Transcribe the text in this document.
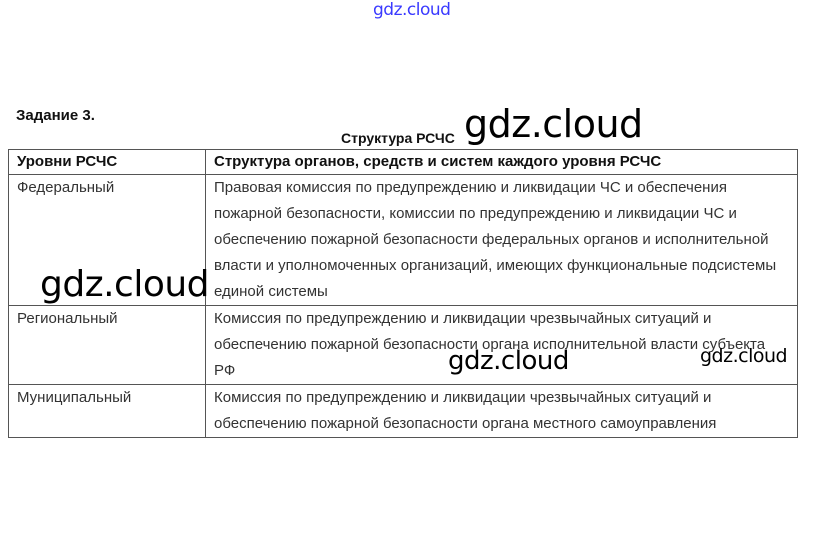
gdz.cloud
Задание 3.
Структура РСЧС
Уровни РСЧС	Структура органов, средств и систем каждого уровня РСЧС
Федеральный	Правовая комиссия по предупреждению и ликвидации ЧС и обеспечения пожарной безопасности, комиссии по предупреждению и ликвидации ЧС и обеспечению пожарной безопасности федеральных органов и исполнительной власти и уполномоченных организаций, имеющих функциональные подсистемы единой системы
Региональный	Комиссия по предупреждению и ликвидации чрезвычайных ситуаций и обеспечению пожарной безопасности органа исполнительной власти субъекта РФ
Муниципальный	Комиссия по предупреждению и ликвидации чрезвычайных ситуаций и обеспечению пожарной безопасности органа местного самоуправления
gdz.cloud
gdz.cloud
gdz.cloud	gdz.cloud
